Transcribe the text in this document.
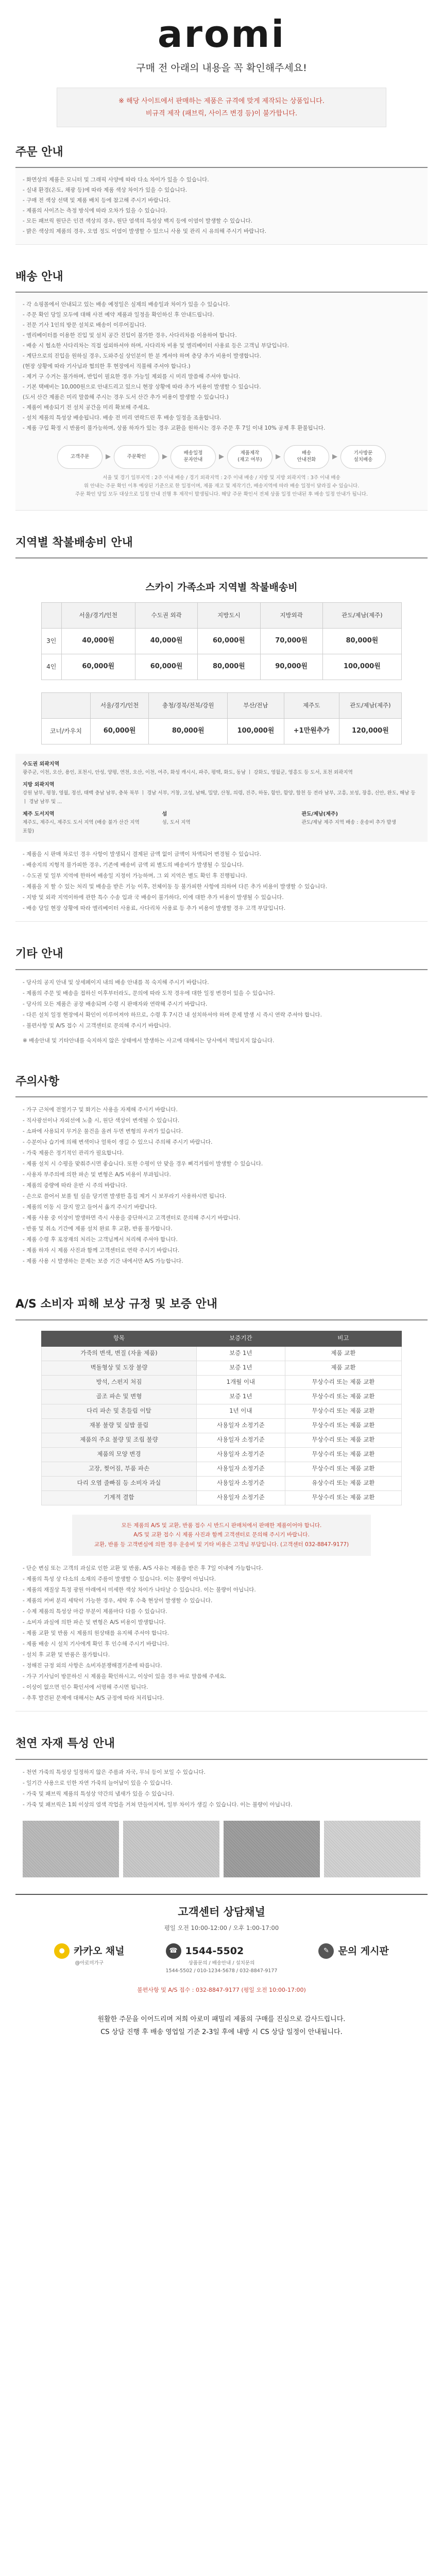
aromi
구매 전 아래의 내용을 꼭 확인해주세요!
※ 해당 사이트에서 판매하는 제품은 규격에 맞게 제작되는 상품입니다.
비규격 제작 (패브릭, 사이즈 변경 등)이 불가합니다.
주문 안내

- 화면상의 제품은 모니터 및 그래픽 사양에 따라 다소 차이가 있을 수 있습니다.

- 실내 환경(온도, 채광 등)에 따라 제품 색상 차이가 있을 수 있습니다.

- 구매 전 색상 선택 및 제품 배치 등에 참고해 주시기 바랍니다.

- 제품의 사이즈는 측정 방식에 따라 오차가 있을 수 있습니다.

- 모든 패브릭 원단은 인견 색상의 경우, 원단 염색의 특성상 백지 등에 이염이 발생할 수 있습니다.

- 밝은 색상의 제품의 경우, 오염 정도 이염이 발생할 수 있으니 사용 및 관리 시 유의해 주시기 바랍니다.

배송 안내

- 각 쇼핑몰에서 안내되고 있는 배송 예정일은 실제의 배송일과 차이가 있을 수 있습니다.

- 주문 확인 당일 모두에 대해 사전 예약 제품과 일정을 확인하신 후 안내드립니다.

- 전문 기사 1인의 방문 설치로 배송이 이루어집니다.

- 엘리베이터를 이용한 진입 및 설치 공간 진입이 불가한 경우, 사다리차를 이용하여 합니다.

- 배송 시 협소한 사다리차는 직접 섭외하셔야 하며, 사다리차 비용 및 엘리베이터 사용료 등은 고객님 부담입니다.

- 계단으로의 진입을 원하실 경우, 도와주실 상인분이 한 분 계셔야 하며 층당 추가 비용이 발생합니다.

(현장 상황에 따라 기사님과 협의한 후 현장에서 직불해 주셔야 합니다.)

- 제거 구 수거는 불가하며, 반입이 필요한 경우 가능일 제외를 시 미리 말씀해 주셔야 합니다.

- 기본 택배비는 10,000원으로 안내드리고 있으니 현장 상황에 따라 추가 비용이 발생할 수 있습니다.

(도서 산간 제품은 미리 말씀해 주시는 경우 도서 산간 추가 비용이 발생할 수 있습니다.)

- 제품이 배송되기 전 설치 공간을 미리 확보해 주세요.

- 설치 제품의 특성상 배송됩니다. 배송 전 미리 연락드린 후 배송 일정을 조율합니다.

- 제품 구입 확정 시 반품이 불가능하며, 상품 하자가 있는 경우 교환을 원하시는 경우 주문 후 7일 이내 10% 공제 후 환불됩니다.

고객주문	▶	주문확인	▶	배송일정
문자안내	▶	제품제작
(재고 여부)	▶	배송
안내전화	▶	기사방문
설치배송
서울 및 경기 일부지역 : 2주 이내 배송 / 경기 외곽지역 : 2주 이내 배송 / 지방 및 지방 외곽지역 : 3주 이내 배송
위 안내는 주문 확인 이후 예상된 기준으로 한 일정이며, 제품 재고 및 제작기간, 배송지역에 따라 배송 일정이 달라질 수 있습니다.
주문 확인 당일 모두 대상으로 일정 안내 진행 후 제작이 발생됩니다. 해당 주문 확인서 전체 상품 일정 안내된 후 배송 일정 안내가 됩니다.
지역별 착불배송비 안내
스카이 가족소파 지역별 착불배송비
	서울/경기/인천	수도권 외곽	지방도시	지방외곽	관도/제남(제주)
3인	40,000원	40,000원	60,000원	70,000원	80,000원
4인	60,000원	60,000원	80,000원	90,000원	100,000원
	서울/경기/인천	충청/경북/전북/강원	부산/전남	제주도	관도/제남(제주)
코너/카우치	60,000원	80,000원	100,000원	+1만원추가	120,000원
수도권 외곽지역
광주군, 이천, 오산, 용인, 포천시, 안성, 양평, 연천, 오산, 이천, 여주, 화성 캐시시, 파주, 평택, 화도, 동남 ㅣ 강화도, 영월군, 영흥도 등 도서, 포천 외곽지역
지방 외곽지역
강원 남부, 평창, 영월, 정선, 태백 충남 남부, 충북 북부 ㅣ 경남 서부, 거창, 고성, 남해, 밀양, 산청, 의령, 진주, 하동, 함안, 함양, 합천 등 전라 남부, 고흥, 보성, 장흥, 신안, 완도, 해남 등 ㅣ 경남 남부 및 ...
제주 도서지역
제주도, 제주시, 제주도 도서 지역 (배송 불가 산간 지역 포함)
섬
섬, 도서 지역
관도/제남(제주)
관도/제남 제주 지역 배송 : 운송비 추가 발생

- 제품을 시 판매 차로인 경우 사항이 발생되시 결제된 금액 없이 금액이 차액되어 변경될 수 있습니다.

- 배송지의 지형적 불가피한 경우, 기존에 배송비 금액 외 별도의 배송비가 발생될 수 있습니다.

- 수도권 및 일부 지역에 한하여 배송일 지정이 가능하며, 그 외 지역은 별도 확인 후 진행됩니다.

- 제품을 지 할 수 있는 처리 및 배송을 받은 기능 이후, 전체이동 등 불가피한 사항에 의하여 다른 추가 비용이 발생할 수 있습니다.

- 지방 및 외곽 지역이하에 관한 특수 수송 입과 국 배송이 불가하다, 이에 대한 추가 비용이 발생될 수 있습니다.

- 배송 당일 현장 상황에 따라 엘리베이터 사용료, 사다리차 사용료 등 추가 비용이 발생할 경우 고객 부담입니다.

기타 안내

- 당사의 공지 안내 및 상세페이지 내의 배송 안내를 꼭 숙지해 주시기 바랍니다.

- 제품의 주문 및 배송을 접하신 이후부터라도, 문의에 따라 도착 경우에 대한 일정 변경이 있을 수 있습니다.

- 당사의 모든 제품은 공장 배송되며 수령 시 판매자와 연락해 주시기 바랍니다.

- 다른 설치 일정 현장에서 확인이 이루어져야 하므로, 수령 후 7시간 내 설치하셔야 하며 문제 발생 시 즉시 연락 주셔야 합니다.

- 불편사항 및 A/S 접수 시 고객센터로 문의해 주시기 바랍니다.

※ 배송안내 및 기타안내를 숙지하지 않은 상태에서 발생하는 사고에 대해서는 당사에서 책임지지 않습니다.

주의사항

- 가구 근처에 전열기구 및 화기는 사용을 자제해 주시기 바랍니다.

- 직사광선이나 자외선에 노출 시, 원단 색상이 변색될 수 있습니다.

- 소파에 사용되지 무거운 물건을 올려 두면 변형의 우려가 있습니다.

- 수분이나 습기에 의해 변색이나 얼룩이 생길 수 있으니 주의해 주시기 바랍니다.

- 가죽 제품은 정기적인 관리가 필요합니다.

- 제품 설치 시 수평을 맞춰주시면 좋습니다. 또한 수평이 안 맞을 경우 삐걱거림이 발생할 수 있습니다.

- 사용자 부주의에 의한 파손 및 변형은 A/S 비용이 부과됩니다.

- 제품의 중량에 따라 운반 시 주의 바랍니다.

- 손으로 쓸어서 보풀 털 실을 당기면 발생한 흠집 제거 시 보푸라기 사용하시면 됩니다.

- 제품의 이동 시 끌지 말고 들어서 옮겨 주시기 바랍니다.

- 제품 사용 중 이상이 발생하면 즉시 사용을 중단하시고 고객센터로 문의해 주시기 바랍니다.

- 반품 및 취소 기간에 제품 설치 완료 후 교환, 반품 불가합니다.

- 제품 수령 후 포장재의 처리는 고객님께서 처리해 주셔야 합니다.

- 제품 하자 시 제품 사진과 함께 고객센터로 연락 주시기 바랍니다.

- 제품 사용 시 발생하는 문제는 보증 기간 내에서만 A/S 가능합니다.

A/S 소비자 피해 보상 규정 및 보증 안내
항목	보증기간	비고
가죽의 변색, 변질 (자율 제품)	보증 1년	제품 교환
벽돌형상 및 도장 불량	보증 1년	제품 교환
방석, 스펀지 처짐	1개월 이내	무상수리 또는 제품 교환
골조 파손 및 변형	보증 1년	무상수리 또는 제품 교환
다리 파손 및 흔들림 이탈	1년 이내	무상수리 또는 제품 교환
재봉 불량 및 실밥 풀림	사용일자 소정기준	무상수리 또는 제품 교환
제품의 주요 불량 및 조립 불량	사용일자 소정기준	무상수리 또는 제품 교환
제품의 모양 변경	사용일자 소정기준	무상수리 또는 제품 교환
고장, 찢어짐, 부품 파손	사용일자 소정기준	무상수리 또는 제품 교환
다리 오염 줄빠짐 등 소비자 과실	사용일자 소정기준	유상수리 또는 제품 교환
기계적 결함	사용일자 소정기준	무상수리 또는 제품 교환
모든 제품의 A/S 및 교환, 반품 접수 시 반드시 판매처에서 판매한 제품이어야 합니다.
A/S 및 교환 접수 시 제품 사진과 함께 고객센터로 문의해 주시기 바랍니다.
교환, 반품 등 고객변심에 의한 경우 운송비 및 기타 비용은 고객님 부담입니다. (고객센터 032-8847-9177)

- 단순 변심 또는 고객의 과실로 인한 교환 및 반품, A/S 사유는 제품을 받은 후 7일 이내에 가능합니다.

- 제품의 특성 상 다소의 소재의 주름이 발생할 수 있습니다. 이는 불량이 아닙니다.

- 제품의 재질상 특정 광원 아래에서 미세한 색상 차이가 나타날 수 있습니다. 이는 불량이 아닙니다.

- 제품의 커버 분리 세탁이 가능한 경우, 세탁 후 수축 현상이 발생할 수 있습니다.

- 수제 제품의 특성상 마감 부분이 제품마다 다를 수 있습니다.

- 소비자 과실에 의한 파손 및 변형은 A/S 비용이 발생합니다.

- 제품 교환 및 반품 시 제품의 원상태를 유지해 주셔야 합니다.

- 제품 배송 시 설치 기사에게 확인 후 인수해 주시기 바랍니다.

- 설치 후 교환 및 반품은 불가합니다.

- 정해진 규정 외의 사항은 소비자분쟁해결기준에 따릅니다.

- 가구 기사님이 방문하신 시 제품을 확인하시고, 이상이 있을 경우 바로 말씀해 주세요.

- 이상이 없으면 인수 확인서에 서명해 주시면 됩니다.

- 추후 발견된 문제에 대해서는 A/S 규정에 따라 처리됩니다.

천연 자재 특성 안내

- 천연 가죽의 특성상 일정하지 않은 주름과 자국, 무늬 등이 보일 수 있습니다.

- 일기간 사용으로 인한 자연 가죽의 늘어남이 있을 수 있습니다.

- 가죽 및 패브릭 제품의 특성상 약간의 냄새가 있을 수 있습니다.

- 가죽 및 패브릭은 1회 이상의 염색 작업을 거쳐 만들어지며, 일부 차이가 생길 수 있습니다. 이는 불량이 아닙니다.

고객센터 상담채널
평일 오전 10:00-12:00 / 오후 1:00-17:00
● 카카오 채널
@아로미가구
☎ 1544-5502
상품문의 / 배송안내 / 설치문의
1544-5502 / 010-1234-5678 / 032-8847-9177
✎ 문의 게시판
불편사항 및 A/S 접수 : 032-8847-9177 (평일 오전 10:00-17:00)
원활한 주문을 이어드리며 저희 아로미 패밀리 제품의 구매를 진심으로 감사드립니다.
CS 상담 진행 후 배송 영업일 기준 2-3일 후에 내방 시 CS 상담 일정이 안내됩니다.
